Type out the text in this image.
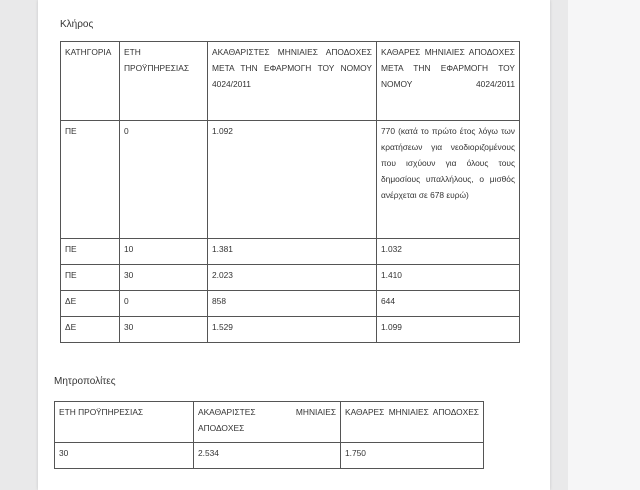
Κλήρος
ΚΑΤΗΓΟΡΙΑ	ΕΤΗ ΠΡΟΫΠΗΡΕΣΙΑΣ	ΑΚΑΘΑΡΙΣΤΕΣ ΜΗΝΙΑΙΕΣ ΑΠΟΔΟΧΕΣ ΜΕΤΑ ΤΗΝ ΕΦΑΡΜΟΓΗ ΤΟΥ ΝΟΜΟΥ 4024/2011	ΚΑΘΑΡΕΣ ΜΗΝΙΑΙΕΣ ΑΠΟΔΟΧΕΣ ΜΕΤΑ ΤΗΝ ΕΦΑΡΜΟΓΗ ΤΟΥ ΝΟΜΟΥ 4024/2011
ΠΕ	0	1.092	770 (κατά το πρώτο έτος λόγω των κρατήσεων για νεοδιοριζομένους που ισχύουν για όλους τους δημοσίους υπαλλήλους, ο μισθός ανέρχεται σε 678 ευρώ)
ΠΕ	10	1.381	1.032
ΠΕ	30	2.023	1.410
ΔΕ	0	858	644
ΔΕ	30	1.529	1.099
Μητροπολίτες
ΕΤΗ ΠΡΟΫΠΗΡΕΣΙΑΣ	ΑΚΑΘΑΡΙΣΤΕΣ ΜΗΝΙΑΙΕΣ ΑΠΟΔΟΧΕΣ	ΚΑΘΑΡΕΣ ΜΗΝΙΑΙΕΣ ΑΠΟΔΟΧΕΣ
30	2.534	1.750
